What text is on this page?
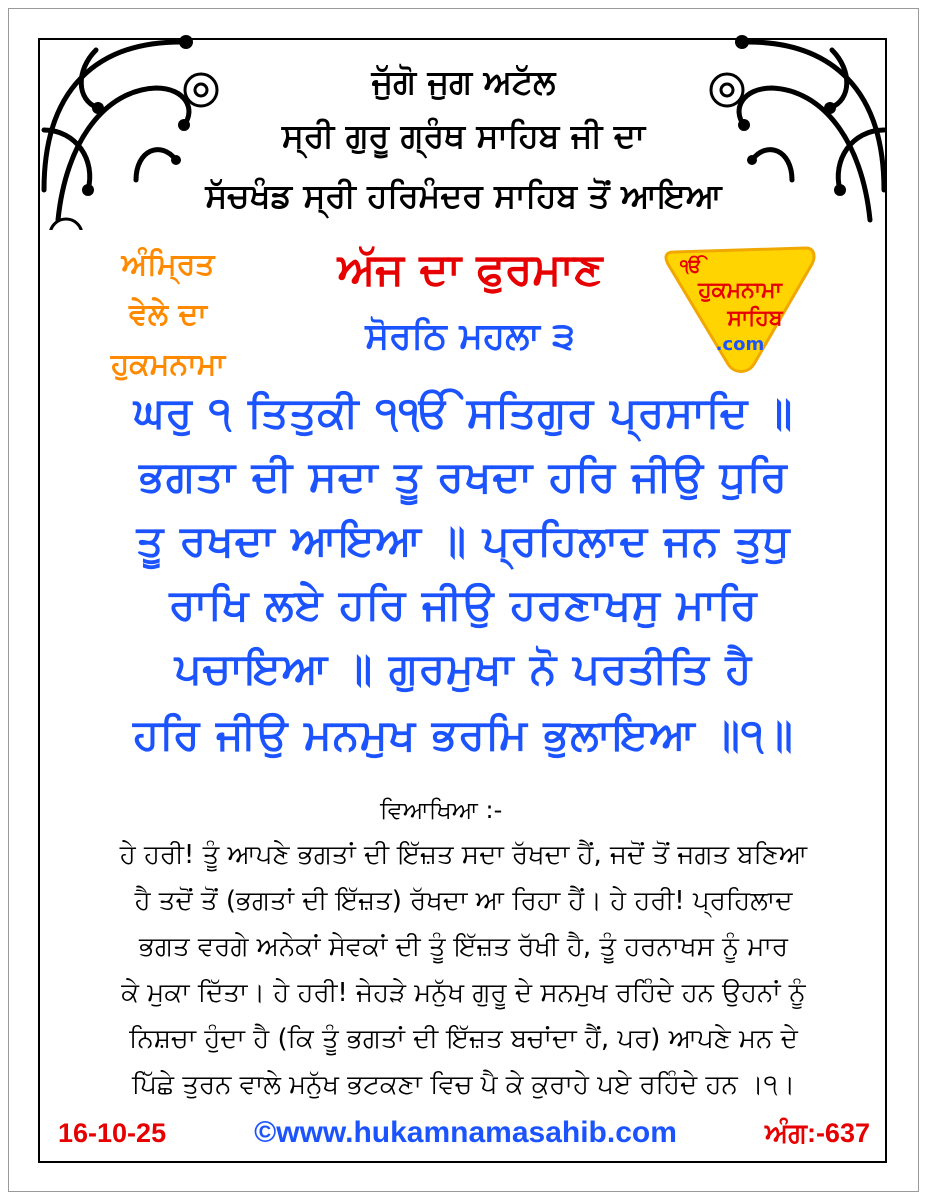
ਜੁੱਗੋ ਜੁਗ ਅਟੱਲ
ਸ੍ਰੀ ਗੁਰੂ ਗ੍ਰੰਥ ਸਾਹਿਬ ਜੀ ਦਾ
ਸੱਚਖੰਡ ਸ੍ਰੀ ਹਰਿਮੰਦਰ ਸਾਹਿਬ ਤੋਂ ਆਇਆ
ਅੰਮ੍ਰਿਤ
ਵੇਲੇ ਦਾ
ਹੁਕਮਨਾਮਾ
ਅੱਜ ਦਾ ਫੁਰਮਾਣ
ਸੋਰਠਿ ਮਹਲਾ ੩
ੴ
ਹੁਕਮਨਾਮਾ
ਸਾਹਿਬ
.com
ਘਰੁ ੧ ਤਿਤੁਕੀ ੧ੴ ਸਤਿਗੁਰ ਪ੍ਰਸਾਦਿ ॥
ਭਗਤਾ ਦੀ ਸਦਾ ਤੂ ਰਖਦਾ ਹਰਿ ਜੀਉ ਧੁਰਿ
ਤੂ ਰਖਦਾ ਆਇਆ ॥ ਪ੍ਰਹਿਲਾਦ ਜਨ ਤੁਧੁ
ਰਾਖਿ ਲਏ ਹਰਿ ਜੀਉ ਹਰਣਾਖਸੁ ਮਾਰਿ
ਪਚਾਇਆ ॥ ਗੁਰਮੁਖਾ ਨੋ ਪਰਤੀਤਿ ਹੈ
ਹਰਿ ਜੀਉ ਮਨਮੁਖ ਭਰਮਿ ਭੁਲਾਇਆ ॥੧॥
ਵਿਆਖਿਆ :-
ਹੇ ਹਰੀ! ਤੂੰ ਆਪਣੇ ਭਗਤਾਂ ਦੀ ਇੱਜ਼ਤ ਸਦਾ ਰੱਖਦਾ ਹੈਂ, ਜਦੋਂ ਤੋਂ ਜਗਤ ਬਣਿਆ
ਹੈ ਤਦੋਂ ਤੋਂ (ਭਗਤਾਂ ਦੀ ਇੱਜ਼ਤ) ਰੱਖਦਾ ਆ ਰਿਹਾ ਹੈਂ। ਹੇ ਹਰੀ! ਪ੍ਰਹਿਲਾਦ
ਭਗਤ ਵਰਗੇ ਅਨੇਕਾਂ ਸੇਵਕਾਂ ਦੀ ਤੂੰ ਇੱਜ਼ਤ ਰੱਖੀ ਹੈ, ਤੂੰ ਹਰਨਾਖਸ ਨੂੰ ਮਾਰ
ਕੇ ਮੁਕਾ ਦਿੱਤਾ। ਹੇ ਹਰੀ! ਜੇਹੜੇ ਮਨੁੱਖ ਗੁਰੂ ਦੇ ਸਨਮੁਖ ਰਹਿੰਦੇ ਹਨ ਉਹਨਾਂ ਨੂੰ
ਨਿਸ਼ਚਾ ਹੁੰਦਾ ਹੈ (ਕਿ ਤੂੰ ਭਗਤਾਂ ਦੀ ਇੱਜ਼ਤ ਬਚਾਂਦਾ ਹੈਂ, ਪਰ) ਆਪਣੇ ਮਨ ਦੇ
ਪਿੱਛੇ ਤੁਰਨ ਵਾਲੇ ਮਨੁੱਖ ਭਟਕਣਾ ਵਿਚ ਪੈ ਕੇ ਕੁਰਾਹੇ ਪਏ ਰਹਿੰਦੇ ਹਨ ।੧।
16-10-25	©www.hukamnamasahib.com	ਅੰਗ:-637
